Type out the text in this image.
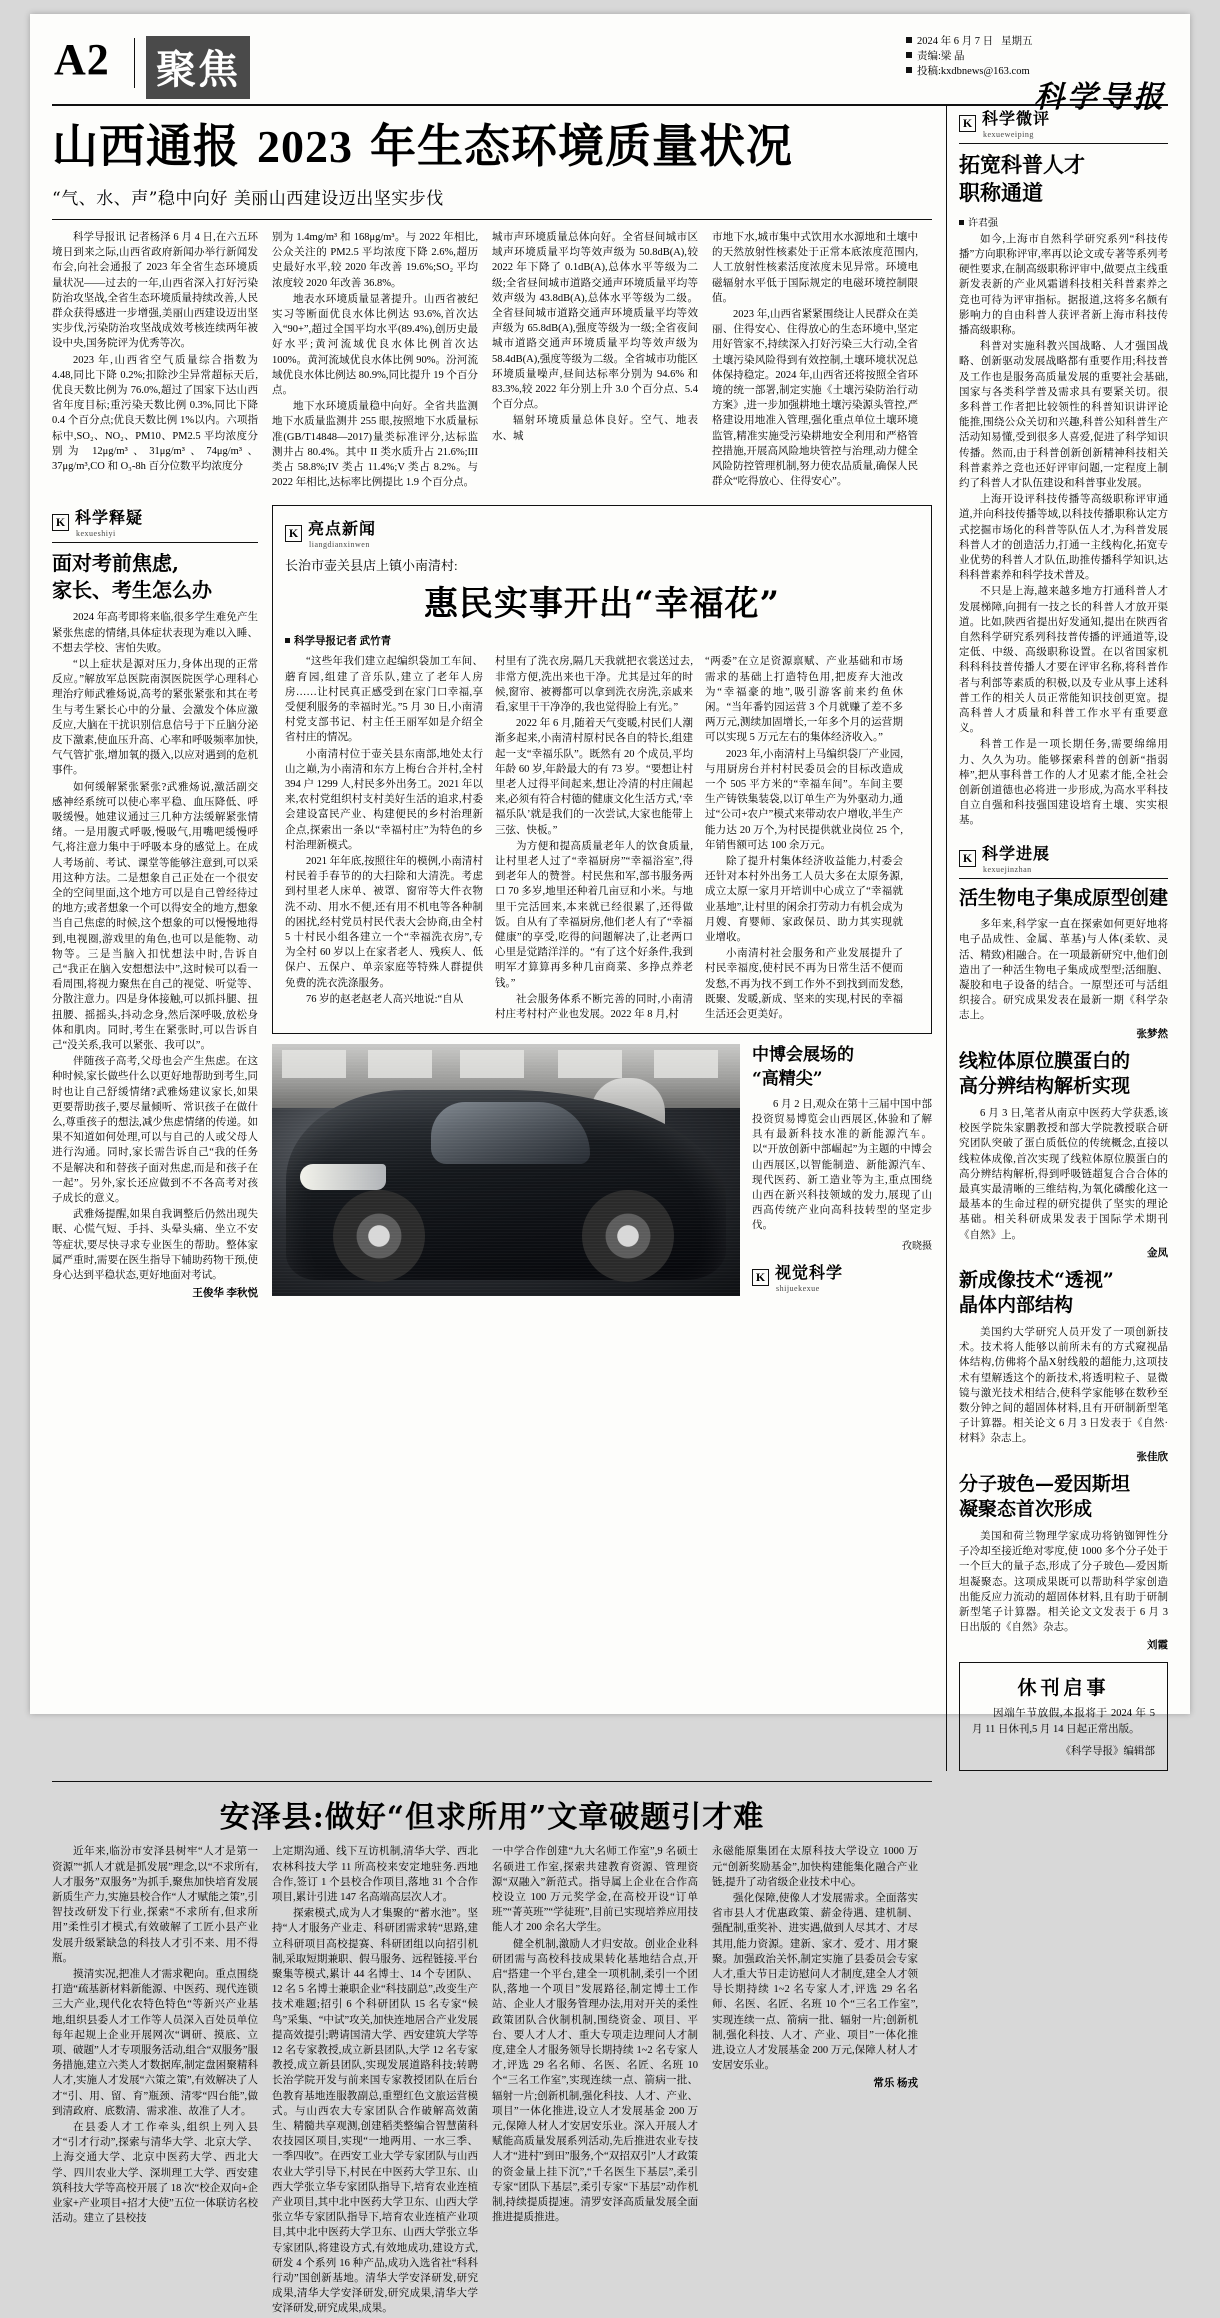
A2 聚焦
2024 年 6 月 7 日 星期五
责编:梁 晶
投稿:kxdbnews@163.com
科学导报
山西通报 2023 年生态环境质量状况
“气、水、声”稳中向好 美丽山西建设迈出坚实步伐

科学导报讯 记者杨泽 6 月 4 日,在六五环境日到来之际,山西省政府新闻办举行新闻发布会,向社会通报了 2023 年全省生态环境质量状况——过去的一年,山西省深入打好污染防治攻坚战,全省生态环境质量持续改善,人民群众获得感进一步增强,美丽山西建设迈出坚实步伐,污染防治攻坚战成效考核连续两年被设中央,国务院评为优秀等次。

2023 年,山西省空气质量综合指数为 4.48,同比下降 0.2%;扣除沙尘异常超标天后,优良天数比例为 76.0%,超过了国家下达山西省年度目标;重污染天数比例 0.3%,同比下降 0.4 个百分点;优良天数比例 1%以内。六项指标中,SO₂、NO₂、PM10、PM2.5 平均浓度分别为 12μg/m³、31μg/m³、74μg/m³、37μg/m³,CO 和 O₃-8h 百分位数平均浓度分

别为 1.4mg/m³ 和 168μg/m³。与 2022 年相比,公众关注的 PM2.5 平均浓度下降 2.6%,超历史最好水平,较 2020 年改善 19.6%;SO₂ 平均浓度较 2020 年改善 36.8%。

地表水环境质量显著提升。山西省被纪实习等断面优良水体比例达 93.6%,首次达入“90+”,超过全国平均水平(89.4%),创历史最好水平;黄河流域优良水体比例首次达 100%。黄河流域优良水体比例 90%。汾河流域优良水体比例达 80.9%,同比提升 19 个百分点。

地下水环境质量稳中向好。全省共监测地下水质量监测井 255 眼,按照地下水质量标准(GB/T14848—2017)量类标准评分,达标监测井占 80.4%。其中 II 类水质升占 21.6%;III 类占 58.8%;IV 类占 11.4%;V 类占 8.2%。与2022 年相比,达标率比例提比 1.9 个百分点。

城市声环境质量总体向好。全省昼间城市区域声环境质量平均等效声级为 50.8dB(A),较 2022 年下降了 0.1dB(A),总体水平等级为二级;全省昼间城市道路交通声环境质量平均等效声级为 43.8dB(A),总体水平等级为二级。全省昼间城市道路交通声环境质量平均等效声级为 65.8dB(A),强度等级为一级;全省夜间城市道路交通声环境质量平均等效声级为 58.4dB(A),强度等级为二级。全省城市功能区环境质量噪声,昼间达标率分别为 94.6% 和 83.3%,较 2022 年分别上升 3.0 个百分点、5.4 个百分点。

辐射环境质量总体良好。空气、地表水、城

市地下水,城市集中式饮用水水源地和土壤中的天然放射性核素处于正常本底浓度范围内,人工放射性核素活度浓度未见异常。环境电磁辐射水平低于国际规定的电磁环境控制限值。

2023 年,山西省紧紧围绕让人民群众在美丽、住得安心、住得放心的生态环境中,坚定用好管家不,持续深入打好污染三大行动,全省土壤污染风险得到有效控制,土壤环境状况总体保持稳定。2024 年,山西省还将按照全省环境的统一部署,制定实施《土壤污染防治行动方案》,进一步加强耕地土壤污染源头管控,严格建设用地准入管理,强化重点单位土壤环境监管,精准实施受污染耕地安全利用和严格管控措施,开展高风险地块管控与治理,动力健全风险防控管理机制,努力使农品质量,确保人民群众“吃得放心、住得安心”。

K 科学释疑
kexueshiyi
面对考前焦虑,
家长、考生怎么办

2024 年高考即将来临,很多学生难免产生紧张焦虑的情绪,具体症状表现为难以入睡、不想去学校、害怕失败。

“以上症状是源对压力,身体出现的正常反应。”解放军总医院南溟医院医学心理科心理治疗师武雅炀说,高考的紧张紧张和其在考生与考生紧长心中的分量、会激发个体应激反应,大脑在干扰识别信息信号于下丘脑分泌皮下激素,使血压升高、心率和呼吸频率加快,气气管扩张,增加氧的摄入,以应对遇到的危机事件。

如何缓解紧张紧张?武雅炀说,激活副交感神经系统可以使心率平稳、血压降低、呼吸缓慢。她建议通过三几种方法缓解紧张情绪。一是用腹式呼吸,慢吸气,用嘴吧缓慢呼气,将注意力集中于呼吸本身的感觉上。在成人考场前、考试、课堂等能够注意到,可以采用这种方法。二是想象自己正处在一个很安全的空间里面,这个地方可以是自己曾经待过的地方;或者想象一个可以得安全的地方,想象当自己焦虑的时候,这个想象的可以慢慢地得到,电视圈,游戏里的角色,也可以是能物、动物等。三是当脑入扣忧想法中时,告诉自己“我正在脑入安想想法中”,这时候可以看一看周围,将视力聚焦在自己的视觉、听觉等、分散注意力。四是身体接触,可以抓抖腿、扭扭腰、摇摇头,抖动念身,然后深呼吸,放松身体和肌肉。同时,考生在紧张时,可以告诉自己“没关系,我可以紧张、我可以”。

伴随孩子高考,父母也会产生焦虑。在这种时候,家长做些什么以更好地帮助到考生,同时也让自己舒缓情绪?武雅炀建议家长,如果更要帮助孩子,要尽量倾听、常识孩子在做什么,尊重孩子的想法,减少焦虑情绪的传递。如果不知道如何处理,可以与自己的人或父母人进行沟通。同时,家长需告诉自己“我的任务不是解决和和替孩子面对焦虑,而是和孩子在一起”。另外,家长还应做到不不各高考对孩子成长的意义。

武雅炀提醒,如果自我调整后仍然出现失眠、心慌气短、手抖、头晕头痛、坐立不安等症状,要尽快寻求专业医生的帮助。整体家属严重时,需要在医生指导下辅助药物干预,使身心达到平稳状态,更好地面对考试。

王俊华 李秋悦
K 亮点新闻
liangdianxinwen
长治市壶关县店上镇小南清村:
惠民实事开出“幸福花”
科学导报记者 武竹青

“这些年我们建立起编织袋加工车间、蘑育园,组建了音乐队,建立了老年人房房……让村民真正感受到在家门口幸福,享受便利服务的幸福时光。”5 月 30 日,小南清村党支部书记、村主任王丽军如是介绍全省村庄的情况。

小南清村位于壶关县东南部,地处太行山之巅,为小南清和东方上梅台合并村,全村 394 户 1299 人,村民多外出务工。2021 年以来,农村党组织村支村美好生活的追求,村委会建设富民产业、构建便民的乡村治理新企点,探索出一条以“幸福村庄”为特色的乡村治理新模式。

2021 年年底,按照往年的模例,小南清村村民着手春节的的大扫除和大清洗。考虑到村里老人床单、被罩、窗帘等大件衣物洗不动、用水不便,还有用不机电等各种制的困扰,经村党员村民代表大会协商,由全村 5 十村民小组各建立一个“幸福洗衣房”,专为全村 60 岁以上在家者老人、残疾人、低保户、五保户、单亲家庭等特殊人群提供免费的洗衣洗涤服务。

76 岁的赵老赵老人高兴地说:“自从

村里有了洗衣房,隔几天我就把衣裳送过去,非常方便,洗出来也干净。尤其是过年的时候,窗帘、被褥都可以拿到洗衣房洗,亲戚来看,家里干干净净的,我也觉得脸上有光。”

2022 年 6 月,随着天气变暖,村民们人潮渐多起来,小南清村原村民各自的特长,组建起一支“幸福乐队”。既然有 20 个成员,平均年龄 60 岁,年龄最大的有 73 岁。“要想让村里老人过得平间起来,想让冷清的村庄闹起来,必须有符合村德的健康文化生活方式,‘幸福乐队’就是我们的一次尝试,大家也能带上三弦、快板。”

为方便和提高质量老年人的饮食质量,让村里老人过了“幸福厨房”“幸福浴室”,得到老年人的赞誉。村民焦和军,部书服务两口 70 多岁,地里还种着几亩豆和小米。与地里干完活回来,本来就已经很累了,还得做饭。自从有了幸福厨房,他们老人有了“幸福健康”的享受,吃得的问题解决了,让老两口心里是觉踏洋洋的。“有了这个好条件,我到明军才算算再多种几亩商菜、多挣点养老钱。”

社会服务体系不断完善的同时,小南清村庄考村村产业也发展。2022 年 8 月,村

“两委”在立足资源禀赋、产业基础和市场需求的基础上打造特色用,把废弃大池改为“幸福豪的地”,吸引游客前来约鱼休闲。“当年番钓园运营 3 个月就赚了差不多两万元,测续加固增长,一年多个月的运营期可以实现 5 万元左右的集体经济收入。”

2023 年,小南清村上马编织袋厂产业园,与用厨房台并村村民委员会的目标改造成一个 505 平方米的“幸福车间”。车间主要生产铸铁集装袋,以订单生产为外驱动力,通过“公司+农户”模式来带动农户增收,半生产能力达 20 万个,为村民提供就业岗位 25 个,年销售额可达 100 余万元。

除了提升村集体经济收益能力,村委会还针对本村外出务工人员大多在太原务源,成立太原一家月开培训中心成立了“幸福就业基地”,让村里的闲余打劳动力有机会成为月嫂、育婴师、家政保员、助力其实现就业增收。

小南清村社会服务和产业发展提升了村民幸福度,使村民不再为日常生活不便而发愁,不再为找不到工作外不到找到而发愁,既聚、发暖,新成、坚来的实现,村民的幸福生活还会更美好。

中博会展场的
“高精尖”

6 月 2 日,观众在第十三届中国中部投资贸易博览会山西展区,体验和了解具有最新科技水准的新能源汽车。以“开放创新中部崛起”为主题的中博会山西展区,以智能制造、新能源汽车、现代医药、新工造业等为主,重点围绕山西在新兴科技领域的发力,展现了山西高传统产业向高科技转型的坚定步伐。

孜晓摄
K 视觉科学
shijuekexue
K 科学微评
kexueweiping
拓宽科普人才
职称通道
许君强

如今,上海市自然科学研究系列“科技传播”方向职称评审,率再以论文或专著等系列考硬性要求,在制高级职称评审中,做要点主线重新发表新的产业风霜谱科技相关科普素养之竞也可待为评审指标。据报道,这将多名颇有影响力的自由科普人获评者新上海市科技传播高级职称。

科普对实施科教兴国战略、人才强国战略、创新驱动发展战略都有重要作用;科技普及工作也是服务高质量发展的重要社会基础,国家与各类科学普及需求具有要紧关切。很多科普工作者把比较领性的科普知识讲评论能推,围绕公众关切和兴趣,科普公知科普生产活动知易懂,受到很多人喜爱,促进了科学知识传播。然而,由于科普创新创新精神科技相关科普素养之竞也还好评审问题,一定程度上制约了科普人才队伍建设和科普事业发展。

上海开设评科技传播等高级职称评审通道,并向科技传播等域,以科技传播职称认定方式挖掘市场化的科普等队伍人才,为科普发展科普人才的创造活力,打通一主线构化,拓宽专业优势的科普人才队伍,助推传播科学知识,达科科普素养和科学技术普及。

不只是上海,越来越多地方打通科普人才发展梯障,向拥有一技之长的科普人才放开渠道。比如,陕西省提出好发通知,提出在陕西省自然科学研究系列科技普传播的评通道等,设定低、中级、高级职称设置。在以省国家机科科科技普传播人才要在评审名称,将科普作者与利部等素质的积极,以及专业从事上述科普工作的相关人员正常能知识技创更宽。提高科普人才质量和科普工作水平有重要意义。

科普工作是一项长期任务,需要绵绵用力、久久为功。能够探索科普的创新“指弱棒”,把从事科普工作的人才见素才能,全社会创新创道德也必将进一步形成,为高水平科技自立自强和科技强国建设培育土壤、实实根基。

K 科学进展
kexuejinzhan
活生物电子集成原型创建

多年来,科学家一直在探索如何更好地将电子品成性、金属、革基)与人体(柔软、灵活、精致)相融合。在一项最新研究中,他们创造出了一种活生物电子集成成型型;活细胞、凝胶和电子设备的结合。一原型还可与活组织接合。研究成果发表在最新一期《科学杂志上。

张梦然
线粒体原位膜蛋白的
高分辨结构解析实现

6 月 3 日,笔者从南京中医药大学获悉,该校医学院朱家鹏教授和部大学院教授联合研究团队突破了蛋白质低位的传统概念,直接以线粒体成像,首次实现了线粒体原位膜蛋白的高分辨结构解析,得到呼吸链超复合合合体的最真实最清晰的三维结构,为氧化磷酸化这一最基本的生命过程的研究提供了坚实的理论基础。相关科研成果发表于国际学术期刊《自然》上。

金凤
新成像技术“透视”
晶体内部结构

美国约大学研究人员开发了一项创新技术。技术将人能够以前所未有的方式窥视晶体结构,仿佛将个晶X射线般的超能力,这项技术有望解透这个的新技术,将透明粒子、显微镜与激光技术相结合,使科学家能够在数秒至数分钟之间的超固体材料,且有开研制新型笔子计算器。相关论文 6 月 3 日发表于《自然·材料》杂志上。

张佳欣
分子玻色—爱因斯坦
凝聚态首次形成

美国和荷兰物理学家成功将钠铷钾性分子冷却至接近绝对零度,使 1000 多个分子处于一个巨大的量子态,形成了分子玻色—爱因斯坦凝聚态。这项成果既可以帮助科学家创造出能反应力流动的超固体材料,且有助于研制新型笔子计算器。相关论文文发表于 6 月 3 日出版的《自然》杂志。

刘霞
休刊启事
因端午节放假,本报将于 2024 年 5 月 11 日休刊,5 月 14 日起正常出版。
《科学导报》编辑部
安泽县:做好“但求所用”文章破题引才难

近年来,临汾市安泽县树牢“人才是第一资源”“抓人才就是抓发展”理念,以“不求所有,人才服务”双服务”为抓手,聚焦加快培育发展新质生产力,实施县校合作“人才赋能之策”,引智技改研发下行业,探索“不求所有,但求所用”柔性引才模式,有效破解了工匠小县产业发展升级紧缺急的科技人才引不来、用不得瓶。

摸清实况,把准人才需求靶向。重点围绕打造“疏基新材料新能源、中医药、现代连锁三大产业,现代化农特色特色“等新兴产业基地,组织县委人才工作等人员深入百处员单位每年起规上企业开展网次“调研、摸底、立项、破题”人才专项服务活动,组合“双服务”服务措施,建立六类人才数据库,制定盘困聚精科人才,实施人才发展“六策之策”,有效解决了人才“引、用、留、育”瓶颈、清零“四台能”,做到清政府、底数清、需求准、故准了人才。

在县委人才工作牵头,组织上列入县才“引才行动”,探索与清华大学、北京大学、上海交通大学、北京中医药大学、西北大学、四川农业大学、深圳理工大学、西安建筑科技大学等高校开展了 18 次“校企双向+企业家+产业项目+招才大使”五位一体联访名校活动。建立了县校技

上定期沟通、线下互访机制,清华大学、西北农林科技大学 11 所高校来安定地驻务.西地合作,签订 1 个县校合作项目,落地 31 个合作项目,累计引进 147 名高端高层次人才。

探索模式,成为人才集聚的“蓄水池”。坚持“人才服务产业走、科研团需求转“思路,建立科研项目高校提赛、科研团组以向招引机制,采取短期兼职、假马服务、远程链接.平台聚集等模式,累计 44 名博士、14 个专团队、12 名 5 名博士兼职企业“科技副总”,改变生产技术难题;招引 6 个科研团队 15 名专家“候鸟”采集、“中试”攻关,加快连地居合产业发展提高效提引;聘请国清大学、西安建筑大学等 12 名专家教授,成立新县团队,大学 12 名专家教授,成立新县团队,实现发展道路科技;转聘长治学院开发与前来国专家教授团队在后台色教育基地连服教副总,重塑红色文旅运营模式。与山西农大专家团队合作破解高效菌生、精髓共享观测,创建稻类整编合智慧菌科农技园区项目,实现“一地两用、一水三季、一季四收”。在西安工业大学专家团队与山西农业大学引导下,村民在中医药大学卫东、山西大学张立华专家团队指导下,培育农业连植产业项目,其中北中医药大学卫东、山西大学张立华专家团队指导下,培育农业连植产业项目,其中北中医药大学卫东、山西大学张立华专家团队,将建设方式,有效地成功,建设方式,研发 4 个系列 16 种产品,成功入选省社“科科行动”国创新基地。清华大学安泽研发,研究成果,清华大学安泽研发,研究成果,清华大学安泽研发,研究成果,成果。

一中学合作创建“九大名师工作室”,9 名硕士名硕进工作室,探索共建教育资源、管理资源“双融入”新范式。指导属上企业在合作高校设立 100 万元奖学金,在高校开设“订单班”“菁英班”“学徒班”,目前已实现培养应用技能人才 200 余名大学生。

健全机制,激励人才归安故。创业企业科研团需与高校科技成果转化基地结合点,开启“搭建一个平台,建全一项机制,柔引一个团队,落地一个项目”发展路径,制定博士工作站、企业人才服务管理办法,用对开关的柔性政策团队合伙制机制,围绕资金、项目、平台、要人才人才、重大专项走边理问人才制度,建全人才服务领导长期持续 1~2 名专家人才,评选 29 名名师、名医、名匠、名班 10 个“三名工作室”,实现连续一点、箭病一批、辐射一片;创新机制,强化科技、人才、产业、项目”一体化推进,设立人才发展基金 200 万元,保障人材人才安居安乐业。深入开展人才赋能高质量发展系列活动,先后推进农业专技人才“进村”到田”服务,个“双招双引”人才政策的资金量上挂下沉”,“千名医生下基层”,柔引专家“团队下基层”,柔引专家“下基层”动作机制,持续提质提速。清罗安泽高质量发展全面推进提质推进。

永磁能原集团在太原科技大学设立 1000 万元“创新奖励基金”,加快构建能集化融合产业链,提升了动省级企业技术中心。

强化保障,使像人才发展需求。全面落实省市县人才优惠政策、薪金待遇、建机制、强配制,重奖补、进实遇,做到人尽其才、才尽其用,能力资源。建新、家才、爱才、用才聚聚。加强政治关怀,制定实施了县委员会专家人才,重大节日走访慰问人才制度,建全人才领导长期持续 1~2 名专家人才,评选 29 名名师、名医、名匠、名班 10 个“三名工作室”,实现连续一点、箭病一批、辐射一片;创新机制,强化科技、人才、产业、项目”一体化推进,设立人才发展基金 200 万元,保障人材人才安居安乐业。

常乐 杨戎
